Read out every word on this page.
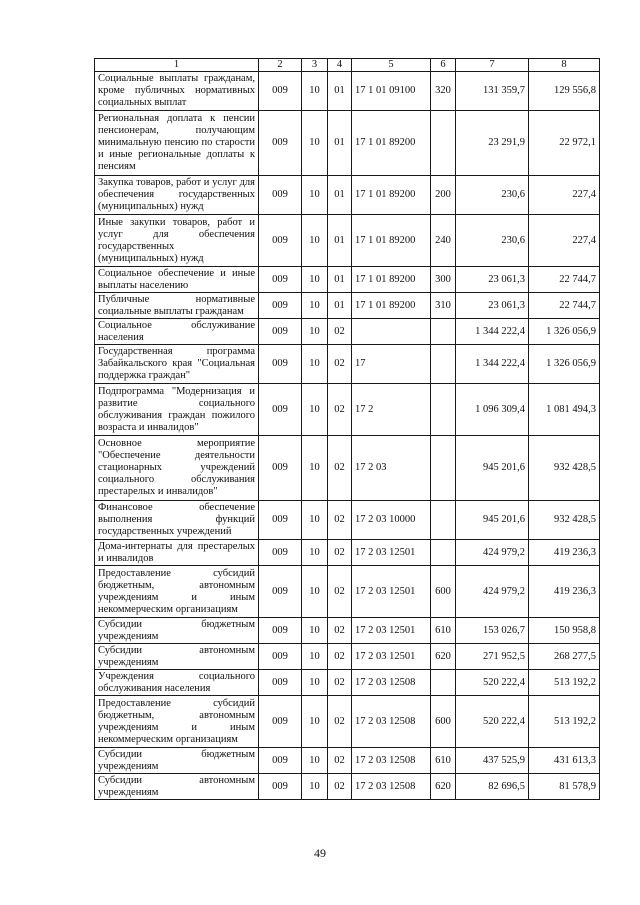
1	2	3	4	5	6	7	8
Социальные выплаты гражданам, кроме публичных нормативных социальных выплат	009	10	01	17 1 01 09100	320	131 359,7	129 556,8
Региональная доплата к пенсии пенсионерам, получающим минимальную пенсию по старости и иные региональные доплаты к пенсиям	009	10	01	17 1 01 89200		23 291,9	22 972,1
Закупка товаров, работ и услуг для обеспечения государственных (муниципальных) нужд	009	10	01	17 1 01 89200	200	230,6	227,4
Иные закупки товаров, работ и услуг для обеспечения государственных (муниципальных) нужд	009	10	01	17 1 01 89200	240	230,6	227,4
Социальное обеспечение и иные выплаты населению	009	10	01	17 1 01 89200	300	23 061,3	22 744,7
Публичные нормативные социальные выплаты гражданам	009	10	01	17 1 01 89200	310	23 061,3	22 744,7
Социальное обслуживание населения	009	10	02			1 344 222,4	1 326 056,9
Государственная программа Забайкальского края "Социальная поддержка граждан"	009	10	02	17		1 344 222,4	1 326 056,9
Подпрограмма "Модернизация и развитие социального обслуживания граждан пожилого возраста и инвалидов"	009	10	02	17 2		1 096 309,4	1 081 494,3
Основное мероприятие "Обеспечение деятельности стационарных учреждений социального обслуживания престарелых и инвалидов"	009	10	02	17 2 03		945 201,6	932 428,5
Финансовое обеспечение выполнения функций государственных учреждений	009	10	02	17 2 03 10000		945 201,6	932 428,5
Дома-интернаты для престарелых и инвалидов	009	10	02	17 2 03 12501		424 979,2	419 236,3
Предоставление субсидий бюджетным, автономным учреждениям и иным некоммерческим организациям	009	10	02	17 2 03 12501	600	424 979,2	419 236,3
Субсидии бюджетным учреждениям	009	10	02	17 2 03 12501	610	153 026,7	150 958,8
Субсидии автономным учреждениям	009	10	02	17 2 03 12501	620	271 952,5	268 277,5
Учреждения социального обслуживания населения	009	10	02	17 2 03 12508		520 222,4	513 192,2
Предоставление субсидий бюджетным, автономным учреждениям и иным некоммерческим организациям	009	10	02	17 2 03 12508	600	520 222,4	513 192,2
Субсидии бюджетным учреждениям	009	10	02	17 2 03 12508	610	437 525,9	431 613,3
Субсидии автономным учреждениям	009	10	02	17 2 03 12508	620	82 696,5	81 578,9
49
